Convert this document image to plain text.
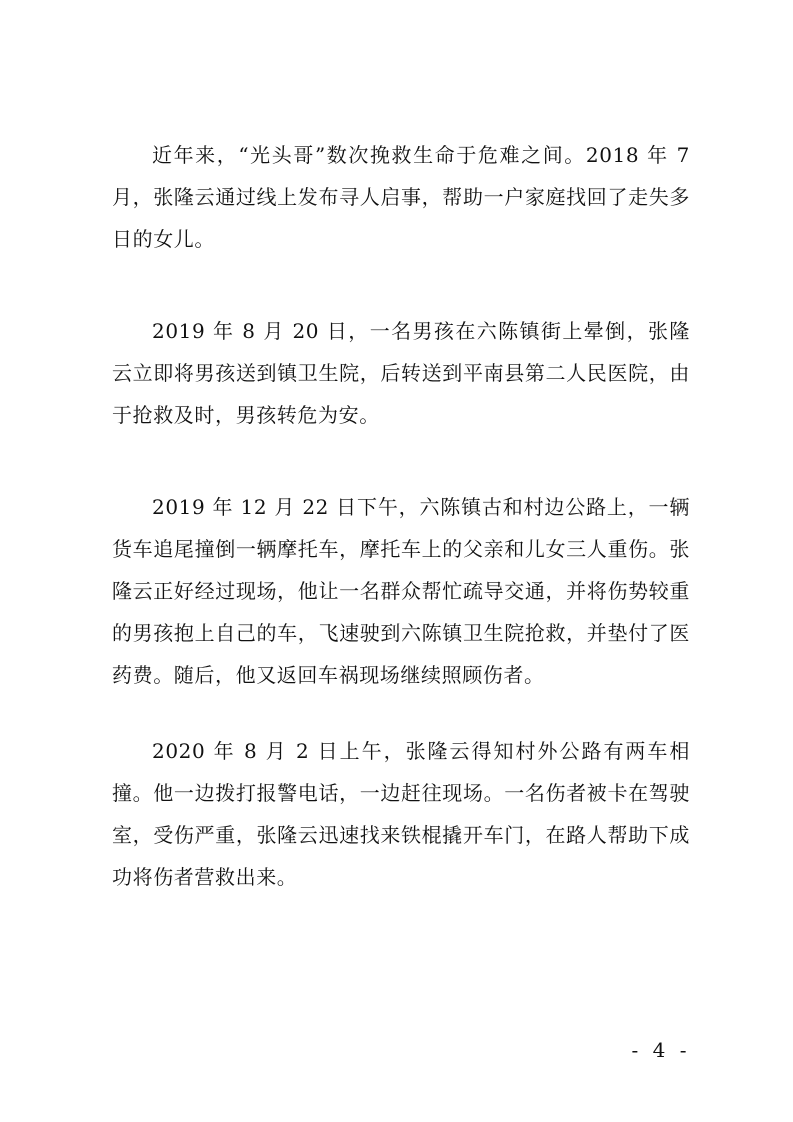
近年来，“光头哥”数次挽救生命于危难之间。2018 年 7 月，张隆云通过线上发布寻人启事，帮助一户家庭找回了走失多日的女儿。

2019 年 8 月 20 日，一名男孩在六陈镇街上晕倒，张隆云立即将男孩送到镇卫生院，后转送到平南县第二人民医院，由于抢救及时，男孩转危为安。

2019 年 12 月 22 日下午，六陈镇古和村边公路上，一辆货车追尾撞倒一辆摩托车，摩托车上的父亲和儿女三人重伤。张隆云正好经过现场，他让一名群众帮忙疏导交通，并将伤势较重的男孩抱上自己的车，飞速驶到六陈镇卫生院抢救，并垫付了医药费。随后，他又返回车祸现场继续照顾伤者。

2020 年 8 月 2 日上午，张隆云得知村外公路有两车相撞。他一边拨打报警电话，一边赶往现场。一名伤者被卡在驾驶室，受伤严重，张隆云迅速找来铁棍撬开车门，在路人帮助下成功将伤者营救出来。

- 4 -
